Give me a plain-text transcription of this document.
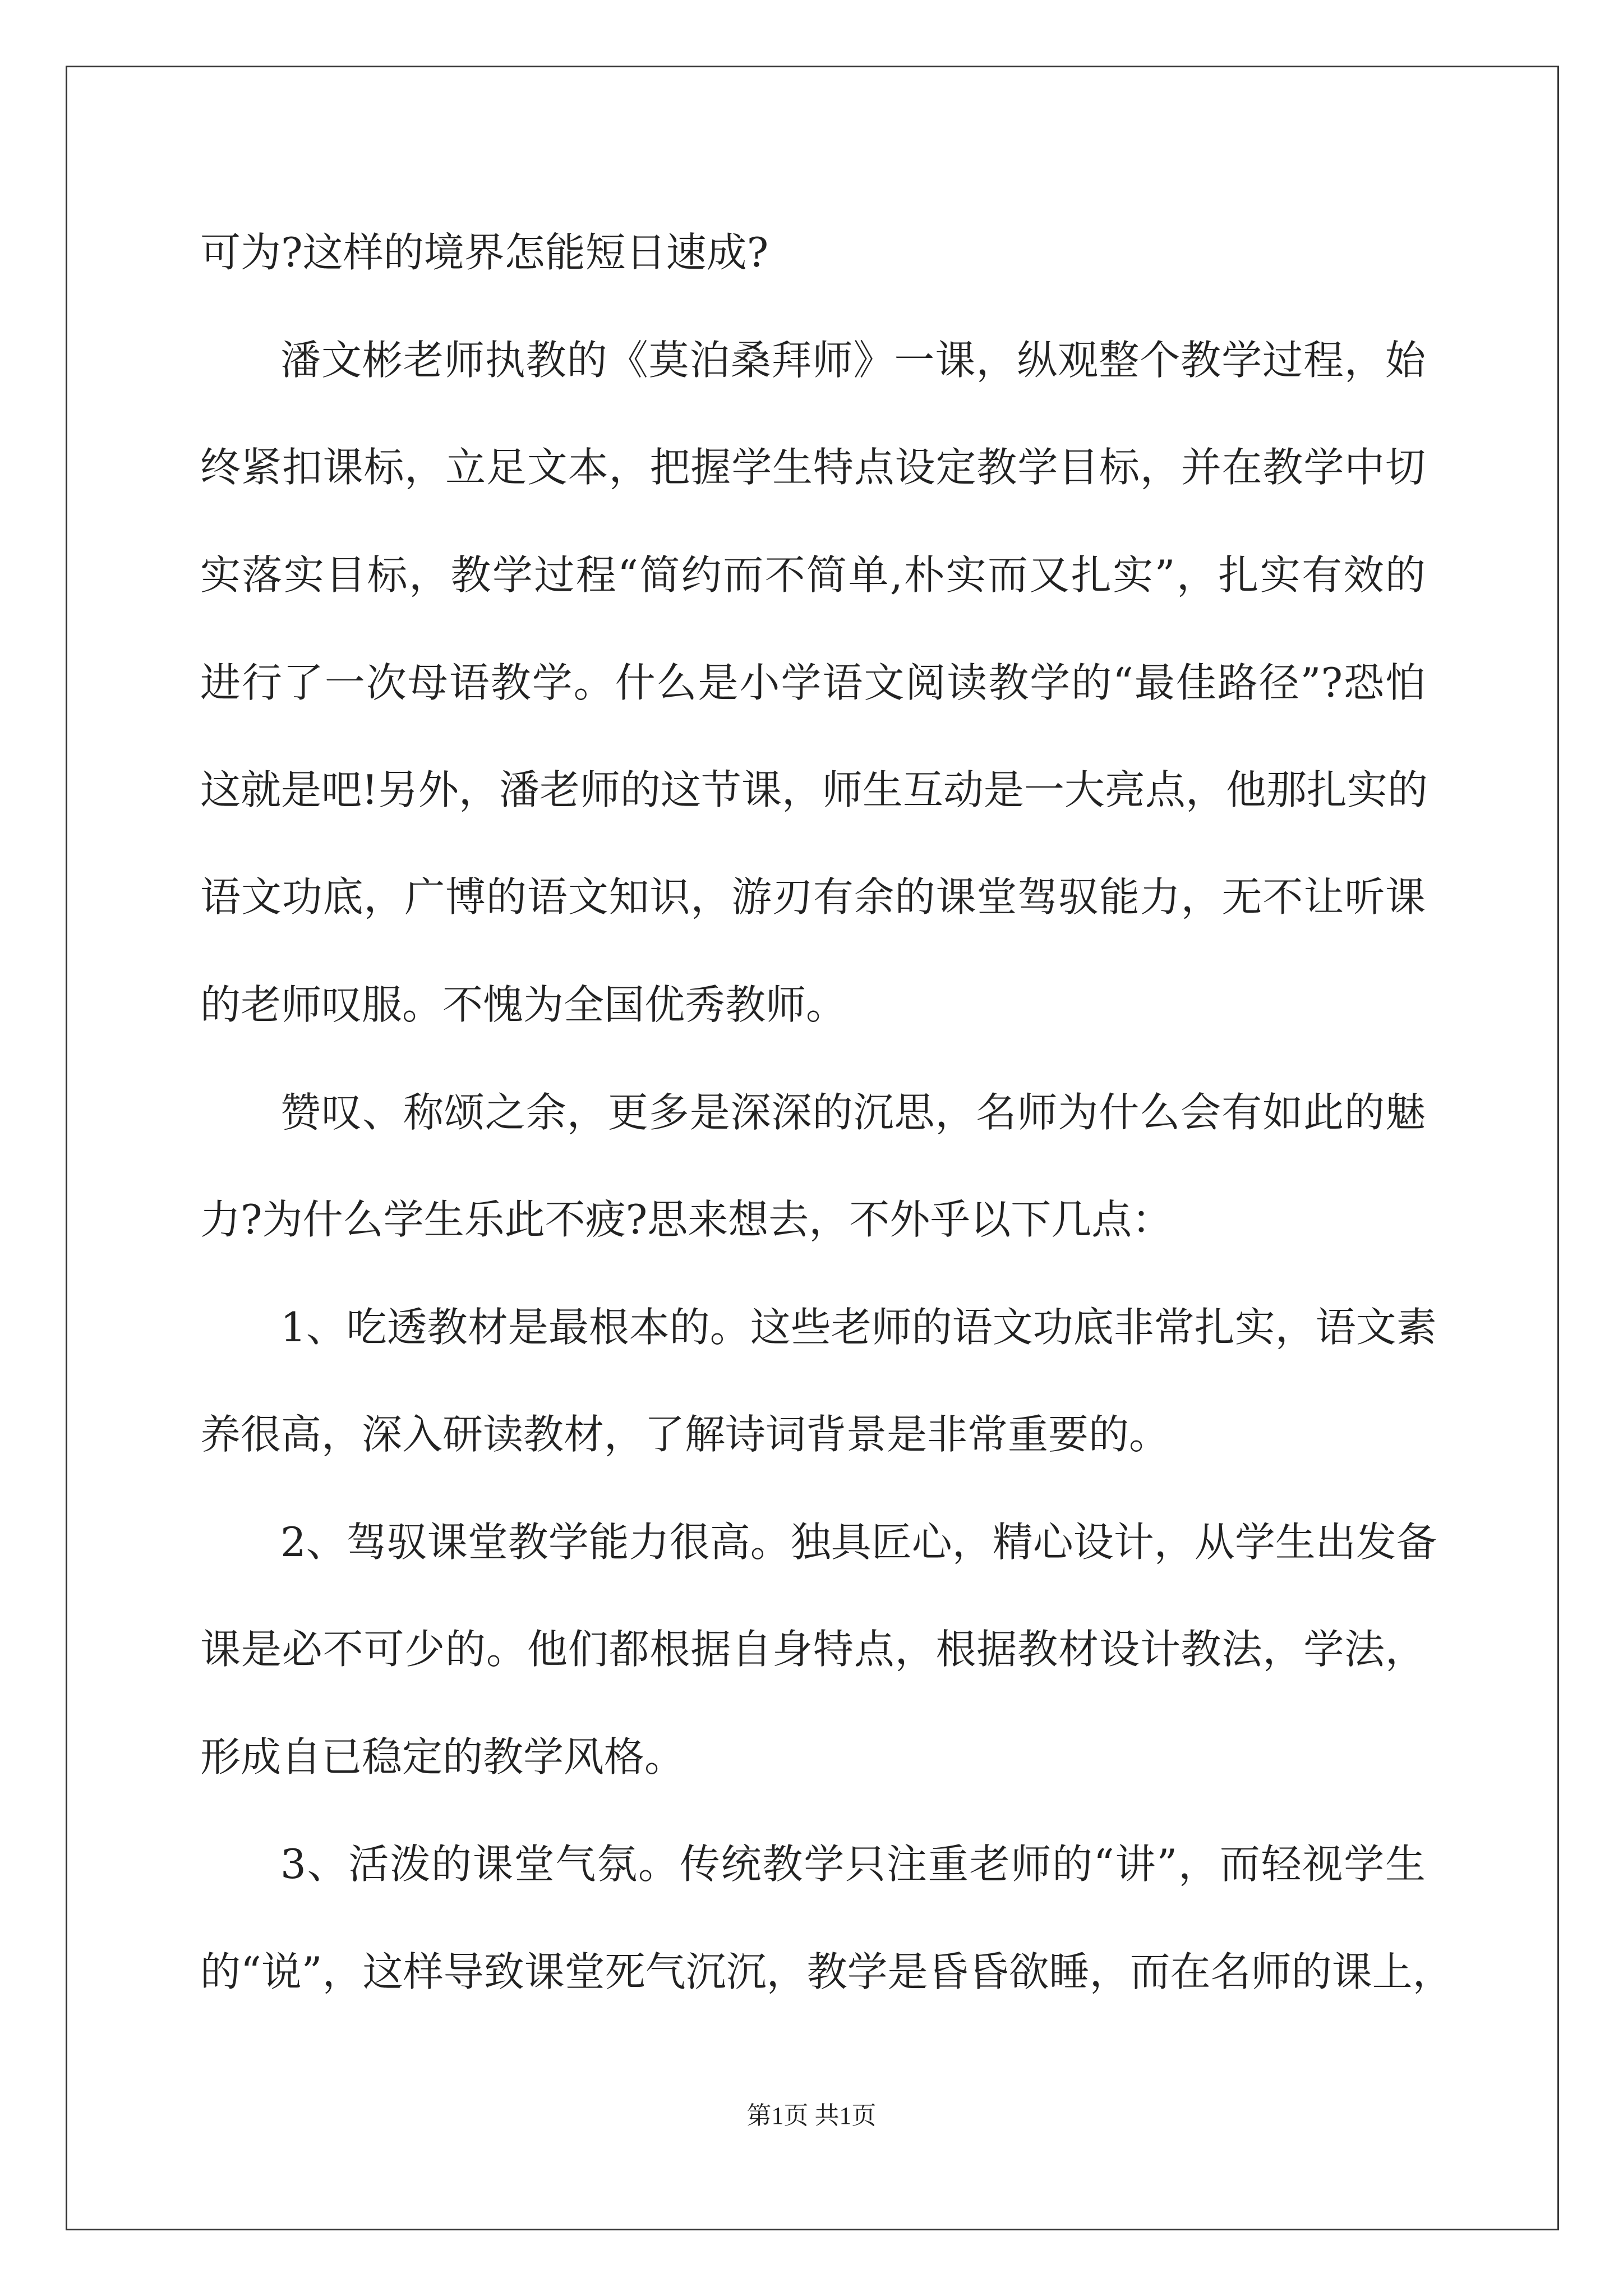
可为?这样的境界怎能短日速成?

潘文彬老师执教的《莫泊桑拜师》一课，纵观整个教学过程，始

终紧扣课标，立足文本，把握学生特点设定教学目标，并在教学中切

实落实目标，教学过程“简约而不简单,朴实而又扎实”，扎实有效的

进行了一次母语教学。什么是小学语文阅读教学的“最佳路径”?恐怕

这就是吧!另外，潘老师的这节课，师生互动是一大亮点，他那扎实的

语文功底，广博的语文知识，游刃有余的课堂驾驭能力，无不让听课

的老师叹服。不愧为全国优秀教师。

赞叹、称颂之余，更多是深深的沉思，名师为什么会有如此的魅

力?为什么学生乐此不疲?思来想去，不外乎以下几点：

1、吃透教材是最根本的。这些老师的语文功底非常扎实，语文素

养很高，深入研读教材，了解诗词背景是非常重要的。

2、驾驭课堂教学能力很高。独具匠心，精心设计，从学生出发备

课是必不可少的。他们都根据自身特点，根据教材设计教法，学法，

形成自已稳定的教学风格。

3、活泼的课堂气氛。传统教学只注重老师的“讲”，而轻视学生

的“说”，这样导致课堂死气沉沉，教学是昏昏欲睡，而在名师的课上，

第1页 共1页
